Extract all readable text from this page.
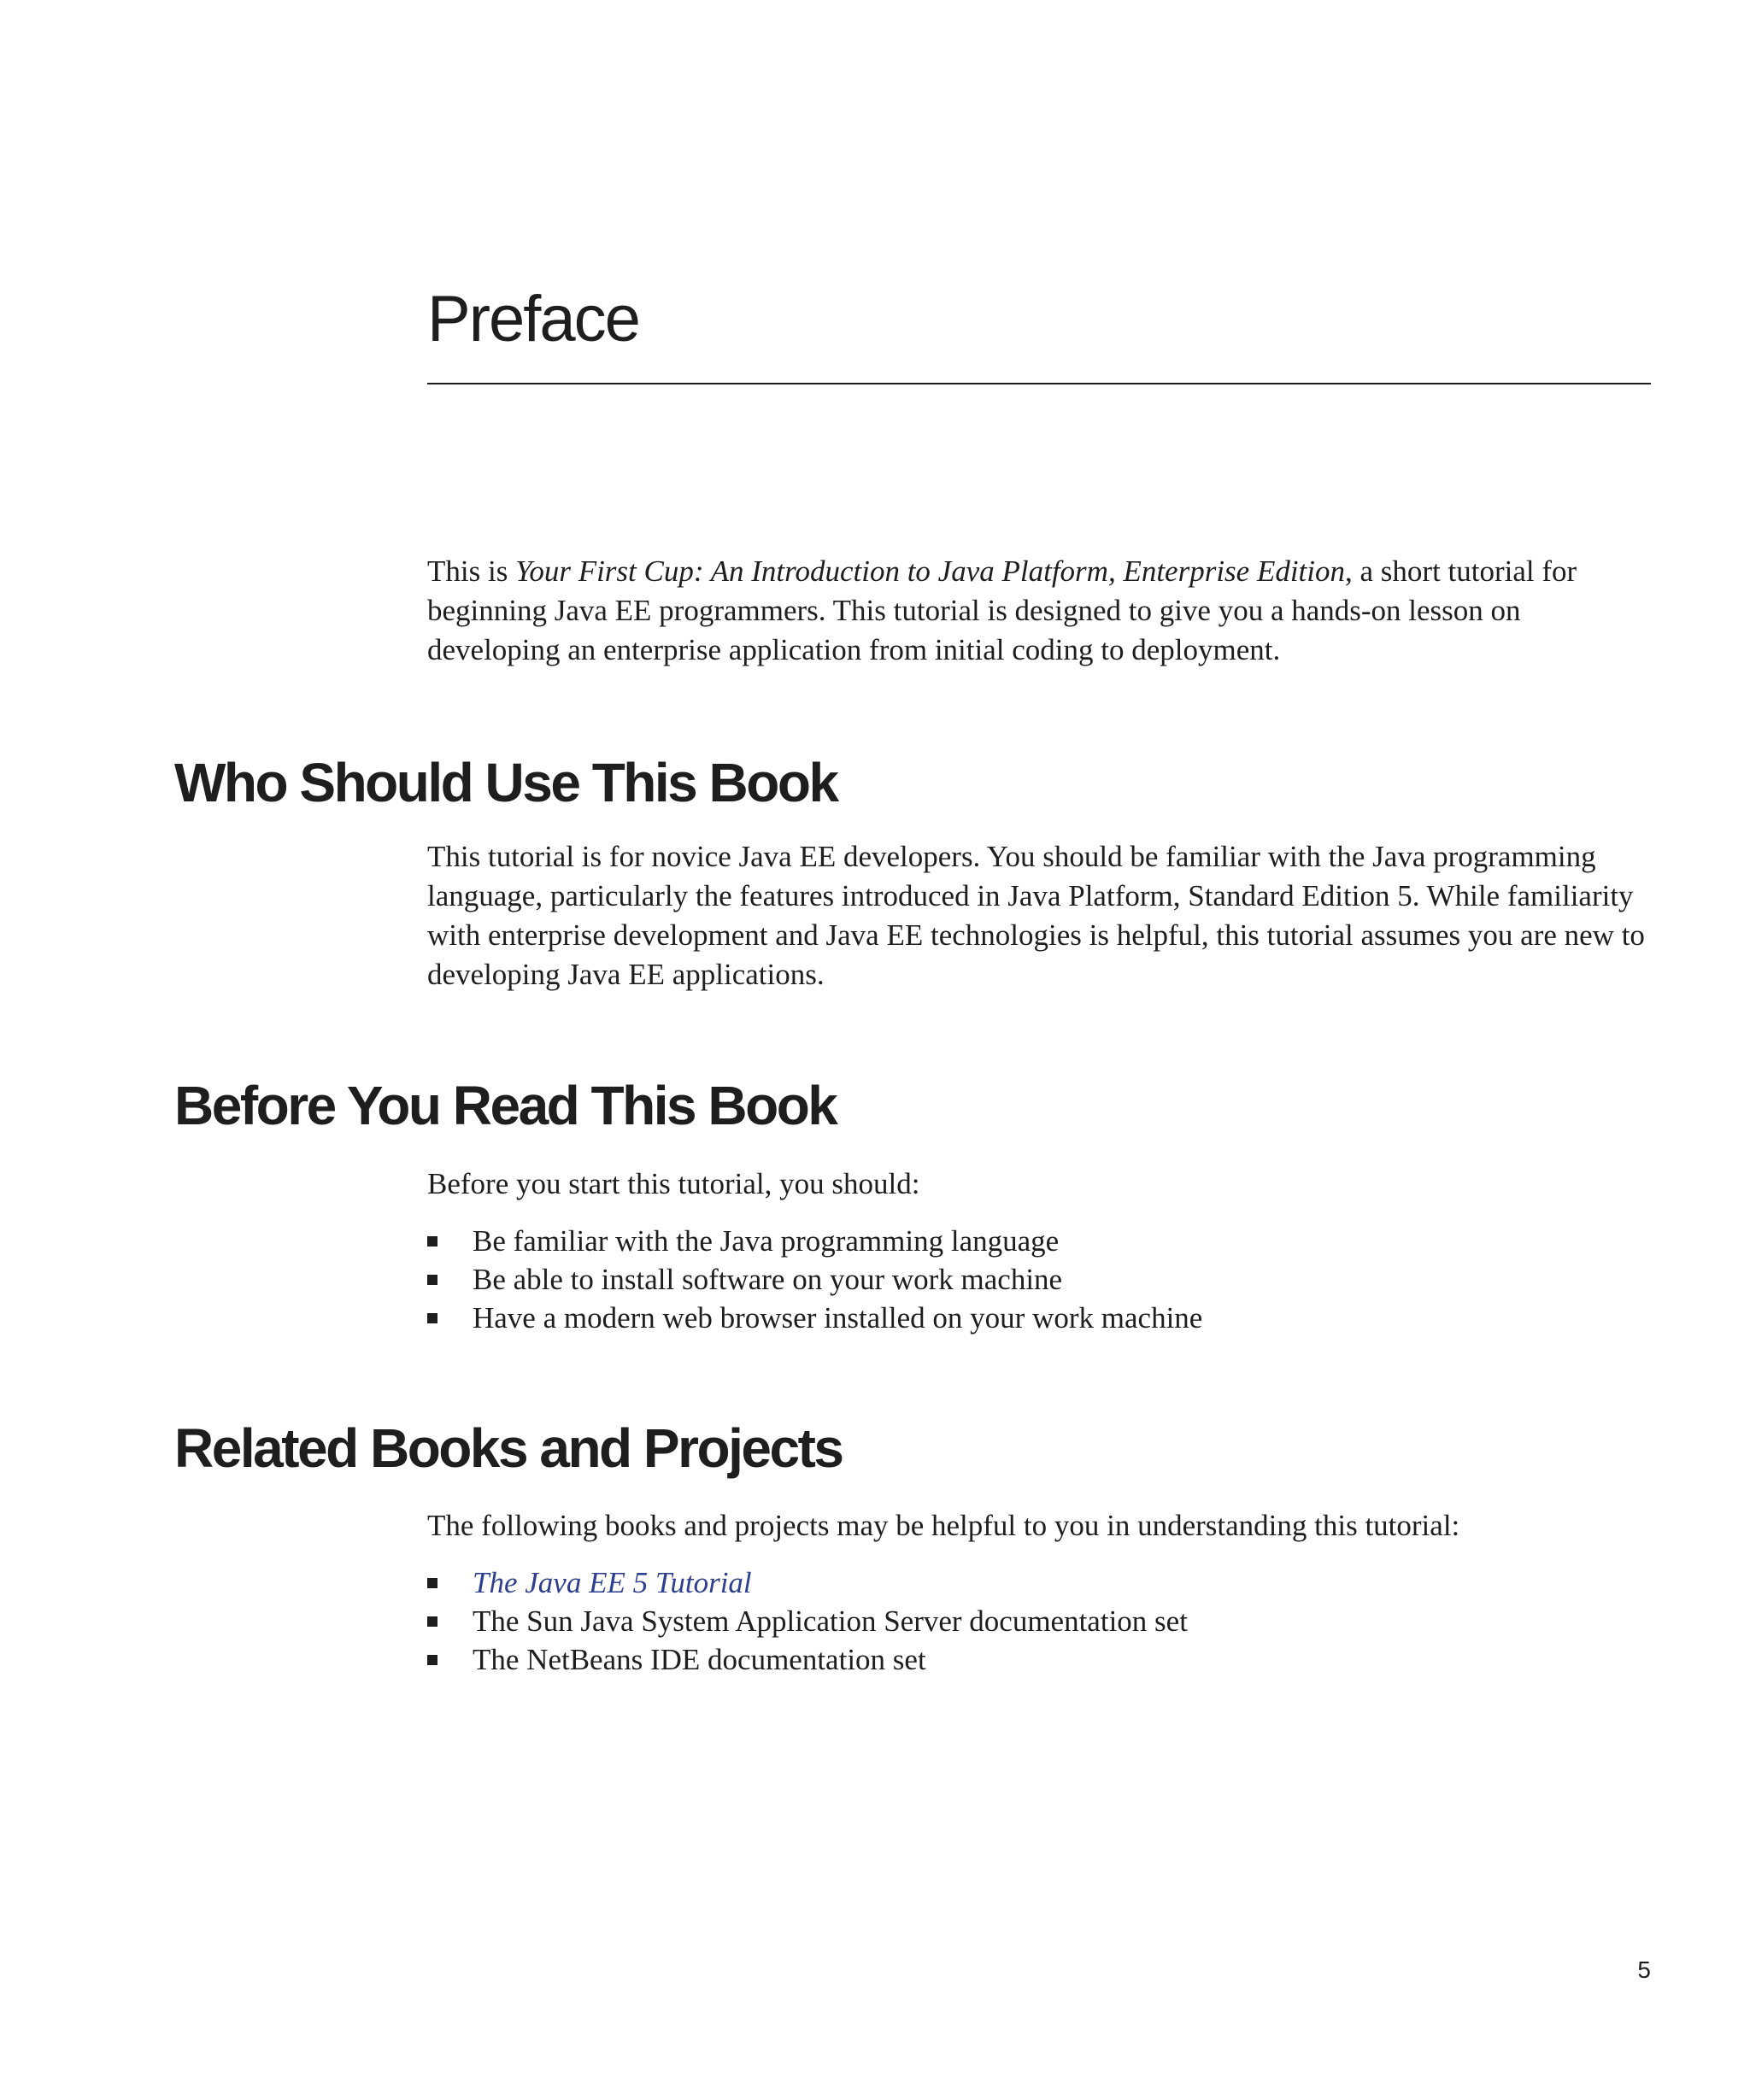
Preface

This is Your First Cup: An Introduction to Java Platform, Enterprise Edition, a short tutorial for beginning Java EE programmers. This tutorial is designed to give you a hands-on lesson on developing an enterprise application from initial coding to deployment.

Who Should Use This Book

This tutorial is for novice Java EE developers. You should be familiar with the Java programming language, particularly the features introduced in Java Platform, Standard Edition 5. While familiarity with enterprise development and Java EE technologies is helpful, this tutorial assumes you are new to developing Java EE applications.

Before You Read This Book

Before you start this tutorial, you should:

Be familiar with the Java programming language
Be able to install software on your work machine
Have a modern web browser installed on your work machine
Related Books and Projects

The following books and projects may be helpful to you in understanding this tutorial:

The Java EE 5 Tutorial
The Sun Java System Application Server documentation set
The NetBeans IDE documentation set
5
